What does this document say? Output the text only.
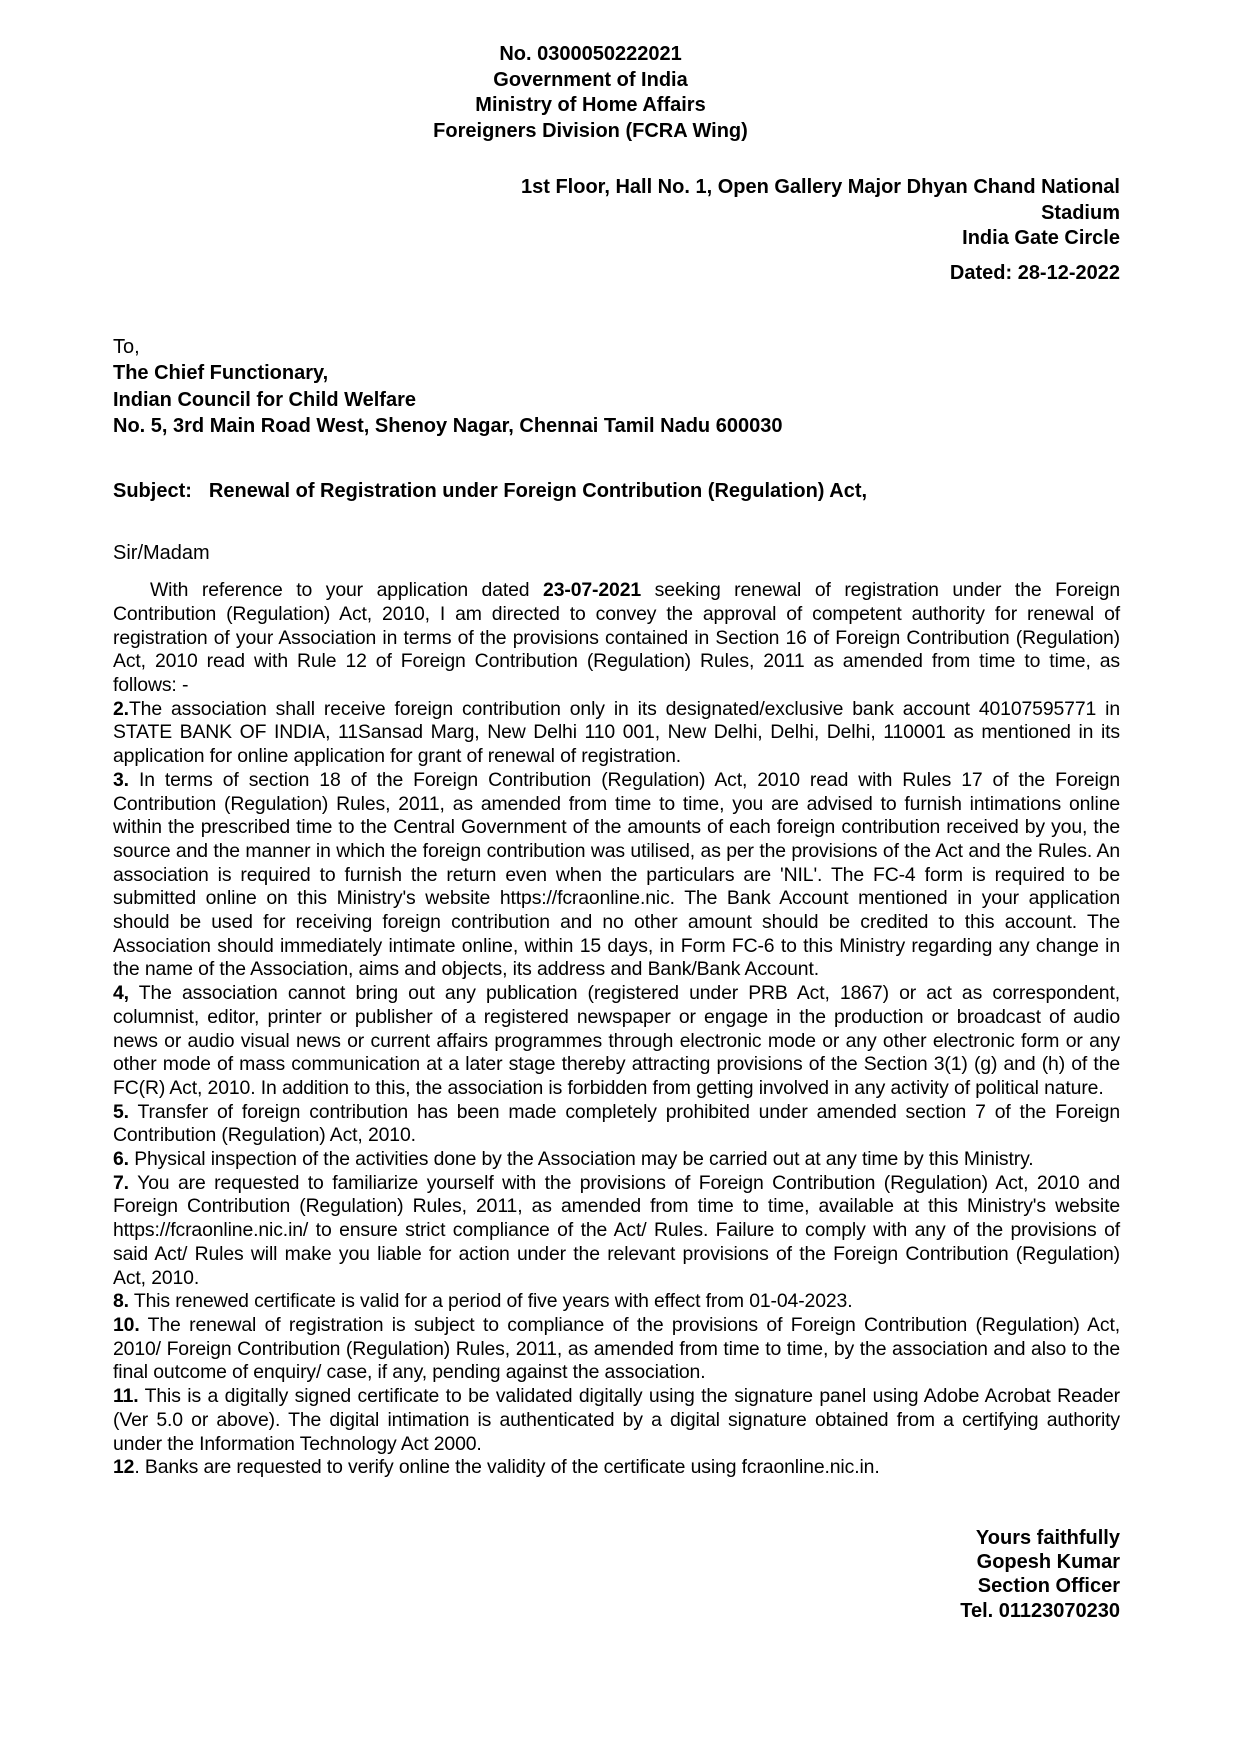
No. 0300050222021
Government of India
Ministry of Home Affairs
Foreigners Division (FCRA Wing)
1st Floor, Hall No. 1, Open Gallery Major Dhyan Chand National
Stadium
India Gate Circle
Dated: 28-12-2022
To,
The Chief Functionary,
Indian Council for Child Welfare
No. 5, 3rd Main Road West, Shenoy Nagar, Chennai Tamil Nadu 600030
Subject: Renewal of Registration under Foreign Contribution (Regulation) Act,
Sir/Madam
With reference to your application dated 23-07-2021 seeking renewal of registration under the Foreign Contribution (Regulation) Act, 2010, I am directed to convey the approval of competent authority for renewal of registration of your Association in terms of the provisions contained in Section 16 of Foreign Contribution (Regulation) Act, 2010 read with Rule 12 of Foreign Contribution (Regulation) Rules, 2011 as amended from time to time, as follows: -
2.The association shall receive foreign contribution only in its designated/exclusive bank account 40107595771 in STATE BANK OF INDIA, 11Sansad Marg, New Delhi 110 001, New Delhi, Delhi, Delhi, 110001 as mentioned in its application for online application for grant of renewal of registration.
3. In terms of section 18 of the Foreign Contribution (Regulation) Act, 2010 read with Rules 17 of the Foreign Contribution (Regulation) Rules, 2011, as amended from time to time, you are advised to furnish intimations online within the prescribed time to the Central Government of the amounts of each foreign contribution received by you, the source and the manner in which the foreign contribution was utilised, as per the provisions of the Act and the Rules. An association is required to furnish the return even when the particulars are 'NIL'. The FC-4 form is required to be submitted online on this Ministry's website https://fcraonline.nic. The Bank Account mentioned in your application should be used for receiving foreign contribution and no other amount should be credited to this account. The Association should immediately intimate online, within 15 days, in Form FC-6 to this Ministry regarding any change in the name of the Association, aims and objects, its address and Bank/Bank Account.
4, The association cannot bring out any publication (registered under PRB Act, 1867) or act as correspondent, columnist, editor, printer or publisher of a registered newspaper or engage in the production or broadcast of audio news or audio visual news or current affairs programmes through electronic mode or any other electronic form or any other mode of mass communication at a later stage thereby attracting provisions of the Section 3(1) (g) and (h) of the FC(R) Act, 2010. In addition to this, the association is forbidden from getting involved in any activity of political nature.
5. Transfer of foreign contribution has been made completely prohibited under amended section 7 of the Foreign Contribution (Regulation) Act, 2010.
6. Physical inspection of the activities done by the Association may be carried out at any time by this Ministry.
7. You are requested to familiarize yourself with the provisions of Foreign Contribution (Regulation) Act, 2010 and Foreign Contribution (Regulation) Rules, 2011, as amended from time to time, available at this Ministry's website https://fcraonline.nic.in/ to ensure strict compliance of the Act/ Rules. Failure to comply with any of the provisions of said Act/ Rules will make you liable for action under the relevant provisions of the Foreign Contribution (Regulation) Act, 2010.
8. This renewed certificate is valid for a period of five years with effect from 01-04-2023.
10. The renewal of registration is subject to compliance of the provisions of Foreign Contribution (Regulation) Act, 2010/ Foreign Contribution (Regulation) Rules, 2011, as amended from time to time, by the association and also to the final outcome of enquiry/ case, if any, pending against the association.
11. This is a digitally signed certificate to be validated digitally using the signature panel using Adobe Acrobat Reader (Ver 5.0 or above). The digital intimation is authenticated by a digital signature obtained from a certifying authority under the Information Technology Act 2000.
12. Banks are requested to verify online the validity of the certificate using fcraonline.nic.in.
Yours faithfully
Gopesh Kumar
Section Officer
Tel. 01123070230
